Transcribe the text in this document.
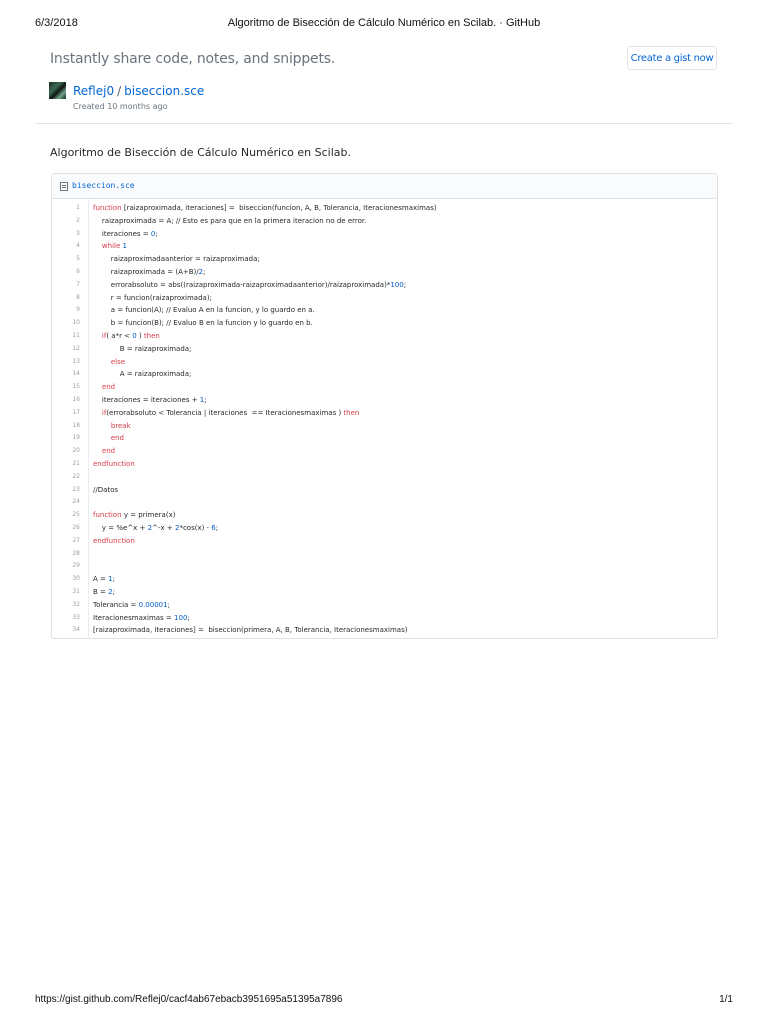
6/3/2018	Algoritmo de Bisección de Cálculo Numérico en Scilab. · GitHub
Instantly share code, notes, and snippets.	Create a gist now
Reflej0 / biseccion.sce
Created 10 months ago
Algoritmo de Bisección de Cálculo Numérico en Scilab.
biseccion.sce
1 function [raizaproximada, iteraciones] =  biseccion(funcion, A, B, Tolerancia, Iteracionesmaximas)
2 raizaproximada = A; // Esto es para que en la primera iteracion no de error.
3 iteraciones = 0;
4	while 1
5 raizaproximadaanterior = raizaproximada;
6 raizaproximada = (A+B)/2;
7 errorabsoluto = abs((raizaproximada-raizaproximadaanterior)/raizaproximada)*100;
8 r = funcion(raizaproximada);
9 a = funcion(A); // Evaluo A en la funcion, y lo guardo en a.
10 b = funcion(B); // Evaluo B en la funcion y lo guardo en b.
11	if( a*r < 0 ) then
12 B = raizaproximada;
13	else
14 A = raizaproximada;
15	end
16 iteraciones = iteraciones + 1;
17	if(errorabsoluto < Tolerancia | iteraciones  == Iteracionesmaximas ) then
18	break
19	end
20	end
21 endfunction
22
23 //Datos
24
25 function y = primera(x)
26 y = %e^x + 2^-x + 2*cos(x) - 6;
27 endfunction
28
29
30 A = 1;
31 B = 2;
32 Tolerancia = 0.00001;
33 Iteracionesmaximas = 100;
34 [raizaproximada, iteraciones] =  biseccion(primera, A, B, Tolerancia, Iteracionesmaximas)
https://gist.github.com/Reflej0/cacf4ab67ebacb3951695a51395a7896	1/1
